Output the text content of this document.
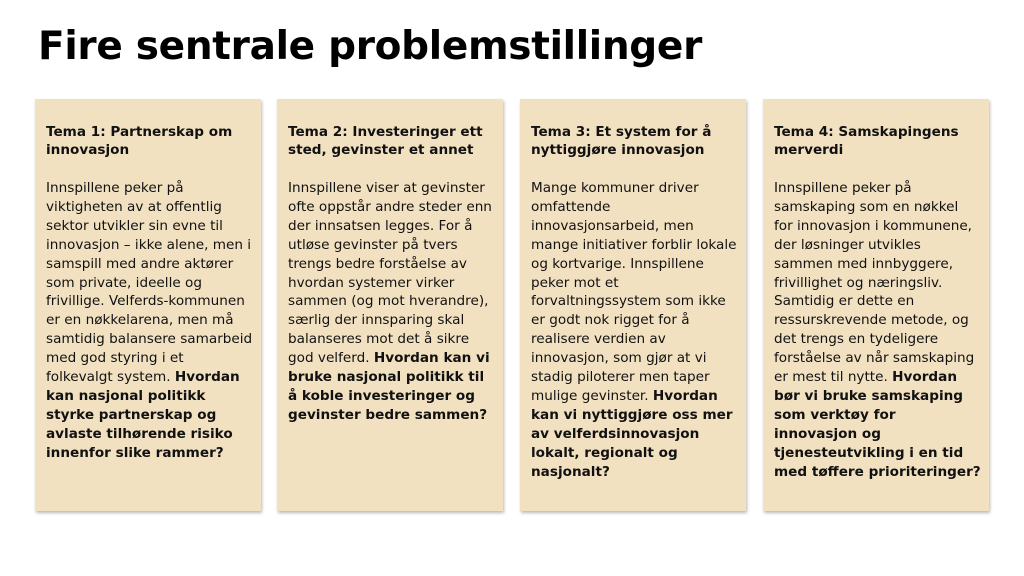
Fire sentrale problemstillinger

Tema 1: Partnerskap om innovasjon

Innspillene peker på viktigheten av at offentlig sektor utvikler sin evne til innovasjon – ikke alene, men i samspill med andre aktører som private, ideelle og frivillige. Velferds-kommunen er en nøkkelarena, men må samtidig balansere samarbeid med god styring i et folkevalgt system. Hvordan kan nasjonal politikk styrke partnerskap og avlaste tilhørende risiko innenfor slike rammer?

Tema 2: Investeringer ett sted, gevinster et annet

Innspillene viser at gevinster ofte oppstår andre steder enn der innsatsen legges. For å utløse gevinster på tvers trengs bedre forståelse av hvordan systemer virker sammen (og mot hverandre), særlig der innsparing skal balanseres mot det å sikre god velferd. Hvordan kan vi bruke nasjonal politikk til å koble investeringer og gevinster bedre sammen?

Tema 3: Et system for å nyttiggjøre innovasjon

Mange kommuner driver omfattende innovasjonsarbeid, men mange initiativer forblir lokale og kortvarige. Innspillene peker mot et forvaltningssystem som ikke er godt nok rigget for å realisere verdien av innovasjon, som gjør at vi stadig piloterer men taper mulige gevinster. Hvordan kan vi nyttiggjøre oss mer av velferdsinnovasjon lokalt, regionalt og nasjonalt?

Tema 4: Samskapingens merverdi

Innspillene peker på samskaping som en nøkkel for innovasjon i kommunene, der løsninger utvikles sammen med innbyggere, frivillighet og næringsliv. Samtidig er dette en ressurskrevende metode, og det trengs en tydeligere forståelse av når samskaping er mest til nytte. Hvordan bør vi bruke samskaping som verktøy for innovasjon og tjenesteutvikling i en tid med tøffere prioriteringer?
